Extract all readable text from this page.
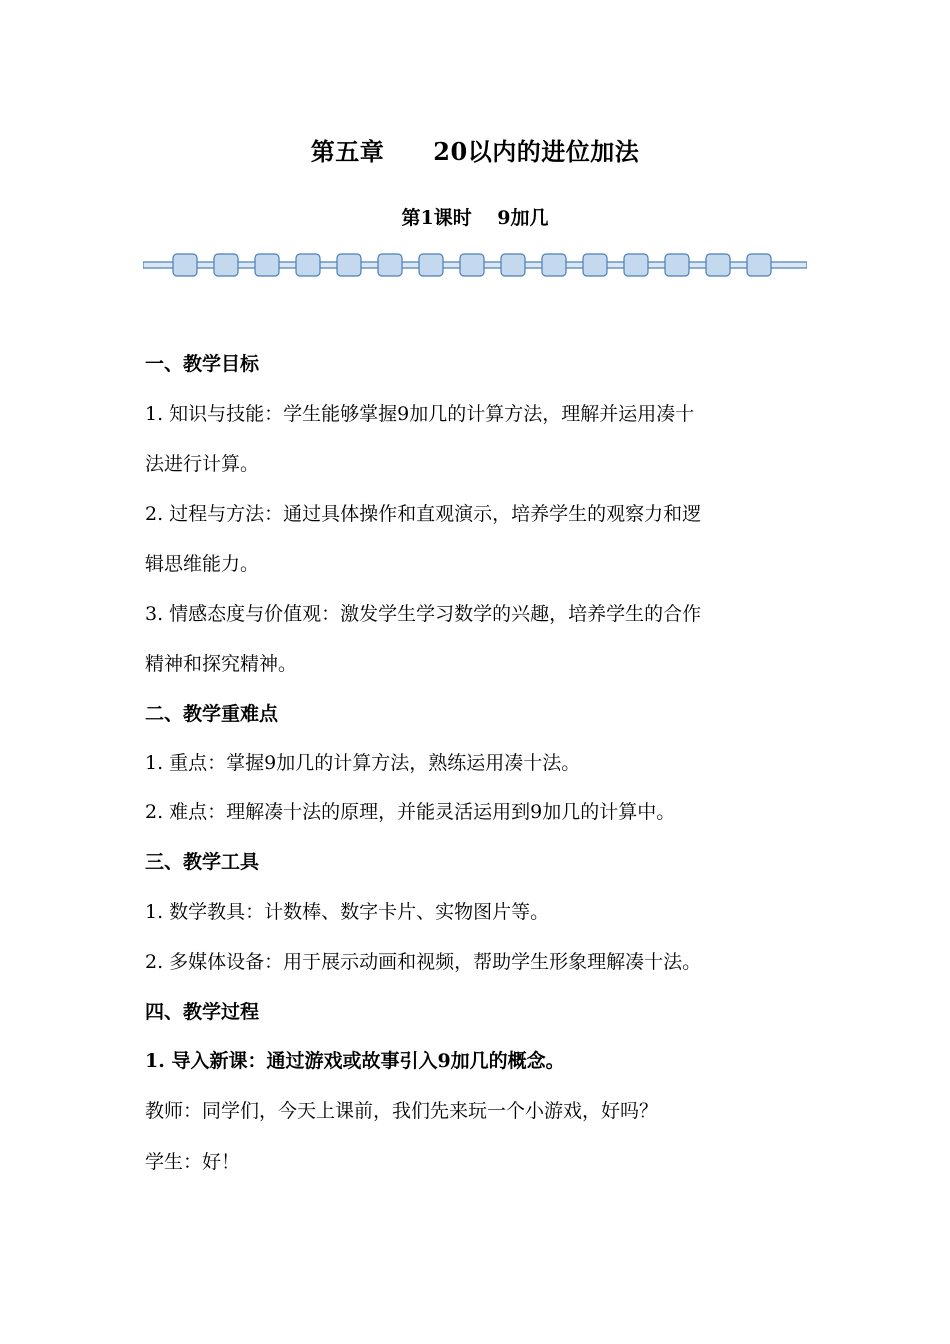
第五章　　20以内的进位加法
第1课时　 9加几
一、教学目标
1. 知识与技能：学生能够掌握9加几的计算方法，理解并运用凑十
法进行计算。
2. 过程与方法：通过具体操作和直观演示，培养学生的观察力和逻
辑思维能力。
3. 情感态度与价值观：激发学生学习数学的兴趣，培养学生的合作
精神和探究精神。
二、教学重难点
1. 重点：掌握9加几的计算方法，熟练运用凑十法。
2. 难点：理解凑十法的原理，并能灵活运用到9加几的计算中。
三、教学工具
1. 数学教具：计数棒、数字卡片、实物图片等。
2. 多媒体设备：用于展示动画和视频，帮助学生形象理解凑十法。
四、教学过程
1. 导入新课：通过游戏或故事引入9加几的概念。
教师：同学们，今天上课前，我们先来玩一个小游戏，好吗？
学生：好！
